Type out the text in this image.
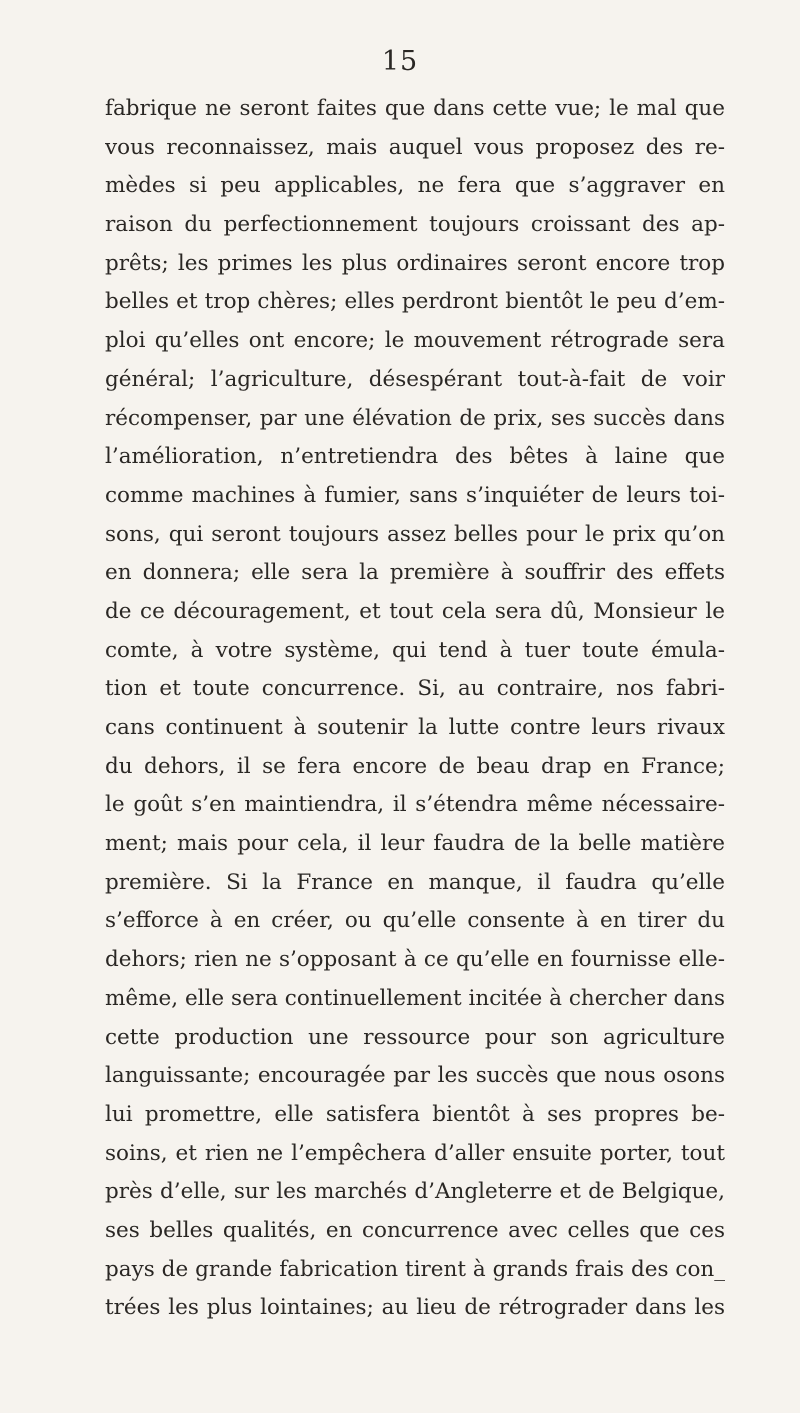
15
fabrique ne seront faites que dans cette vue; le mal que
vous reconnaissez, mais auquel vous proposez des re-
mèdes si peu applicables, ne fera que s’aggraver en
raison du perfectionnement toujours croissant des ap-
prêts; les primes les plus ordinaires seront encore trop
belles et trop chères; elles perdront bientôt le peu d’em-
ploi qu’elles ont encore; le mouvement rétrograde sera
général; l’agriculture, désespérant tout-à-fait de voir
récompenser, par une élévation de prix, ses succès dans
l’amélioration, n’entretiendra des bêtes à laine que
comme machines à fumier, sans s’inquiéter de leurs toi-
sons, qui seront toujours assez belles pour le prix qu’on
en donnera; elle sera la première à souffrir des effets
de ce découragement, et tout cela sera dû, Monsieur le
comte, à votre système, qui tend à tuer toute émula-
tion et toute concurrence. Si, au contraire, nos fabri-
cans continuent à soutenir la lutte contre leurs rivaux
du dehors, il se fera encore de beau drap en France;
le goût s’en maintiendra, il s’étendra même nécessaire-
ment; mais pour cela, il leur faudra de la belle matière
première. Si la France en manque, il faudra qu’elle
s’efforce à en créer, ou qu’elle consente à en tirer du
dehors; rien ne s’opposant à ce qu’elle en fournisse elle-
même, elle sera continuellement incitée à chercher dans
cette production une ressource pour son agriculture
languissante; encouragée par les succès que nous osons
lui promettre, elle satisfera bientôt à ses propres be-
soins, et rien ne l’empêchera d’aller ensuite porter, tout
près d’elle, sur les marchés d’Angleterre et de Belgique,
ses belles qualités, en concurrence avec celles que ces
pays de grande fabrication tirent à grands frais des con_
trées les plus lointaines; au lieu de rétrograder dans les
